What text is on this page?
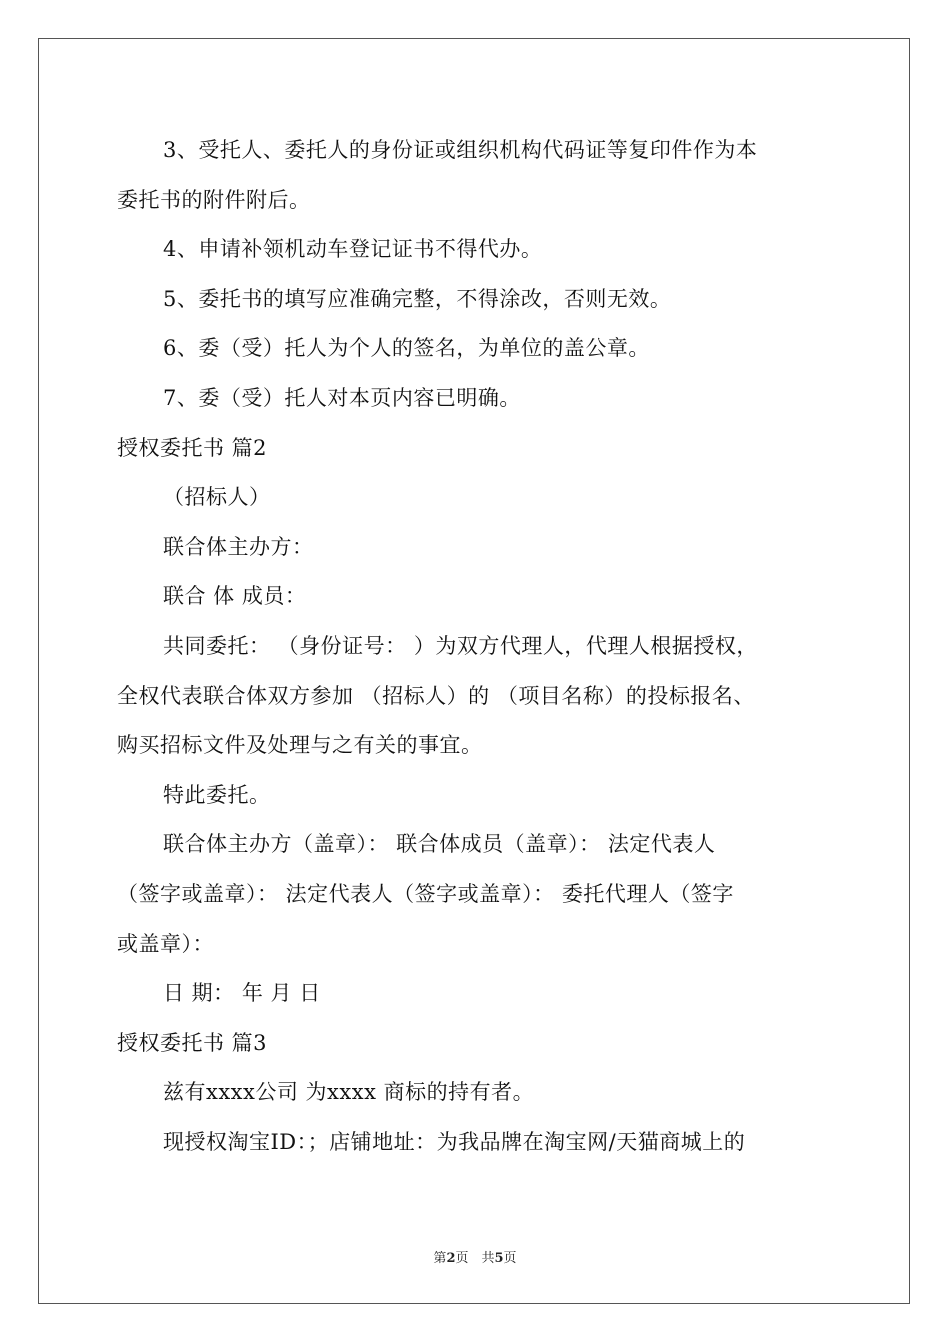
3、受托人、委托人的身份证或组织机构代码证等复印件作为本
委托书的附件附后。
4、申请补领机动车登记证书不得代办。
5、委托书的填写应准确完整，不得涂改，否则无效。
6、委（受）托人为个人的签名，为单位的盖公章。
7、委（受）托人对本页内容已明确。
授权委托书 篇2
（招标人）
联合体主办方：
联合 体 成员：
共同委托： （身份证号： ）为双方代理人，代理人根据授权，
全权代表联合体双方参加 （招标人）的 （项目名称）的投标报名、
购买招标文件及处理与之有关的事宜。
特此委托。
联合体主办方（盖章）： 联合体成员（盖章）： 法定代表人
（签字或盖章）： 法定代表人（签字或盖章）： 委托代理人（签字
或盖章）：
日 期： 年 月 日
授权委托书 篇3
兹有xxxx公司 为xxxx 商标的持有者。
现授权淘宝ID：；店铺地址：为我品牌在淘宝网/天猫商城上的
第2页　共5页
